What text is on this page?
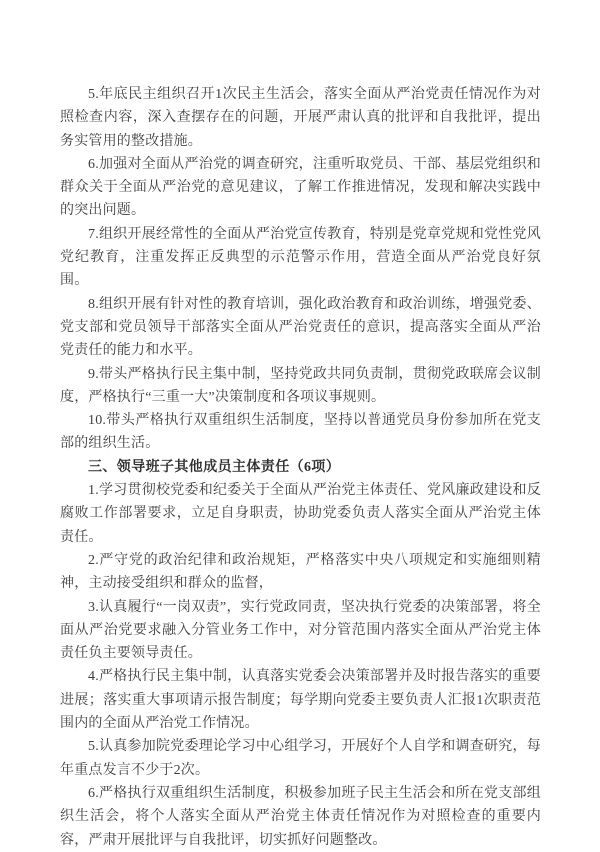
5.年底民主组织召开1次民主生活会，落实全面从严治党责任情况作为对照检查内容，深入查摆存在的问题，开展严肃认真的批评和自我批评，提出务实管用的整改措施。

6.加强对全面从严治党的调查研究，注重听取党员、干部、基层党组织和群众关于全面从严治党的意见建议，了解工作推进情况，发现和解决实践中的突出问题。

7.组织开展经常性的全面从严治党宣传教育，特别是党章党规和党性党风党纪教育，注重发挥正反典型的示范警示作用，营造全面从严治党良好氛围。

8.组织开展有针对性的教育培训，强化政治教育和政治训练，增强党委、党支部和党员领导干部落实全面从严治党责任的意识，提高落实全面从严治党责任的能力和水平。

9.带头严格执行民主集中制，坚持党政共同负责制，贯彻党政联席会议制度，严格执行“三重一大”决策制度和各项议事规则。

10.带头严格执行双重组织生活制度，坚持以普通党员身份参加所在党支部的组织生活。

三、领导班子其他成员主体责任（6项）

1.学习贯彻校党委和纪委关于全面从严治党主体责任、党风廉政建设和反腐败工作部署要求，立足自身职责，协助党委负责人落实全面从严治党主体责任。

2.严守党的政治纪律和政治规矩，严格落实中央八项规定和实施细则精神，主动接受组织和群众的监督，

3.认真履行“一岗双责”，实行党政同责，坚决执行党委的决策部署，将全面从严治党要求融入分管业务工作中，对分管范围内落实全面从严治党主体责任负主要领导责任。

4.严格执行民主集中制，认真落实党委会决策部署并及时报告落实的重要进展；落实重大事项请示报告制度；每学期向党委主要负责人汇报1次职责范围内的全面从严治党工作情况。

5.认真参加院党委理论学习中心组学习，开展好个人自学和调查研究，每年重点发言不少于2次。

6.严格执行双重组织生活制度，积极参加班子民主生活会和所在党支部组织生活会，将个人落实全面从严治党主体责任情况作为对照检查的重要内容，严肃开展批评与自我批评，切实抓好问题整改。
